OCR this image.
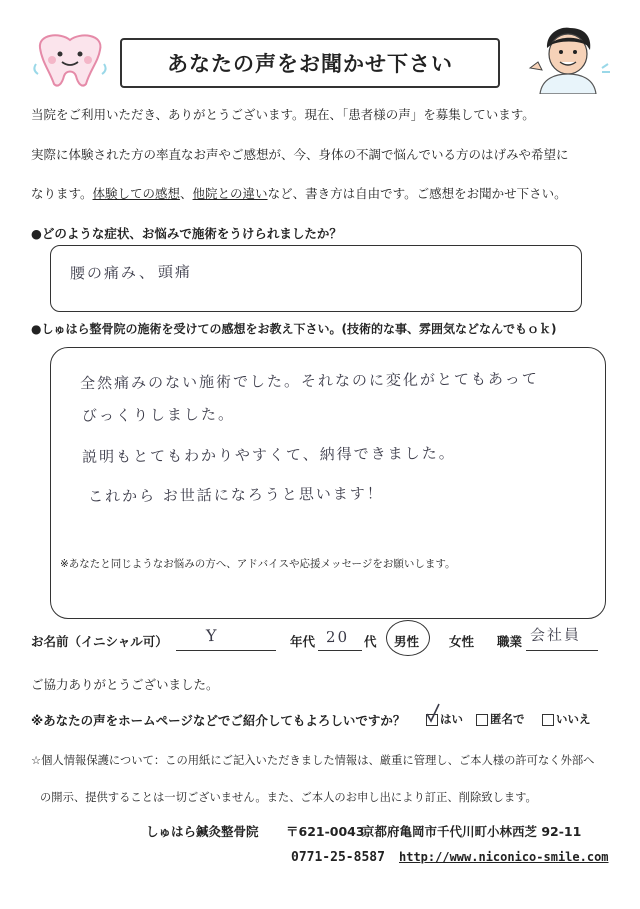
あなたの声をお聞かせ下さい
当院をご利用いただき、ありがとうございます。現在、「患者様の声」を募集しています。
実際に体験された方の率直なお声やご感想が、今、身体の不調で悩んでいる方のはげみや希望に
なります。体験しての感想、他院との違いなど、書き方は自由です。ご感想をお聞かせ下さい。
●どのような症状、お悩みで施術をうけられましたか？
腰の痛み、 頭痛
●しゅはら整骨院の施術を受けての感想をお教え下さい。(技術的な事、雰囲気などなんでもｏｋ)
全然痛みのない施術でした。それなのに変化がとてもあって
びっくりしました。
説明もとてもわかりやすくて、納得できました。
これから お世話になろうと思います！
※あなたと同じようなお悩みの方へ、アドバイスや応援メッセージをお願いします。
お名前（イニシャル可） Y	年代 20 代 男性 女性 職業 会社員
ご協力ありがとうございました。
※あなたの声をホームページなどでご紹介してもよろしいですか？	はい	匿名で	いいえ
☆個人情報保護について：この用紙にご記入いただきました情報は、厳重に管理し、ご本人様の許可なく外部へ
の開示、提供することは一切ございません。また、ご本人のお申し出により訂正、削除致します。
しゅはら鍼灸整骨院 〒621-0043
京都府亀岡市千代川町小林西芝 92-11
0771-25-8587 http://www.niconico-smile.com
